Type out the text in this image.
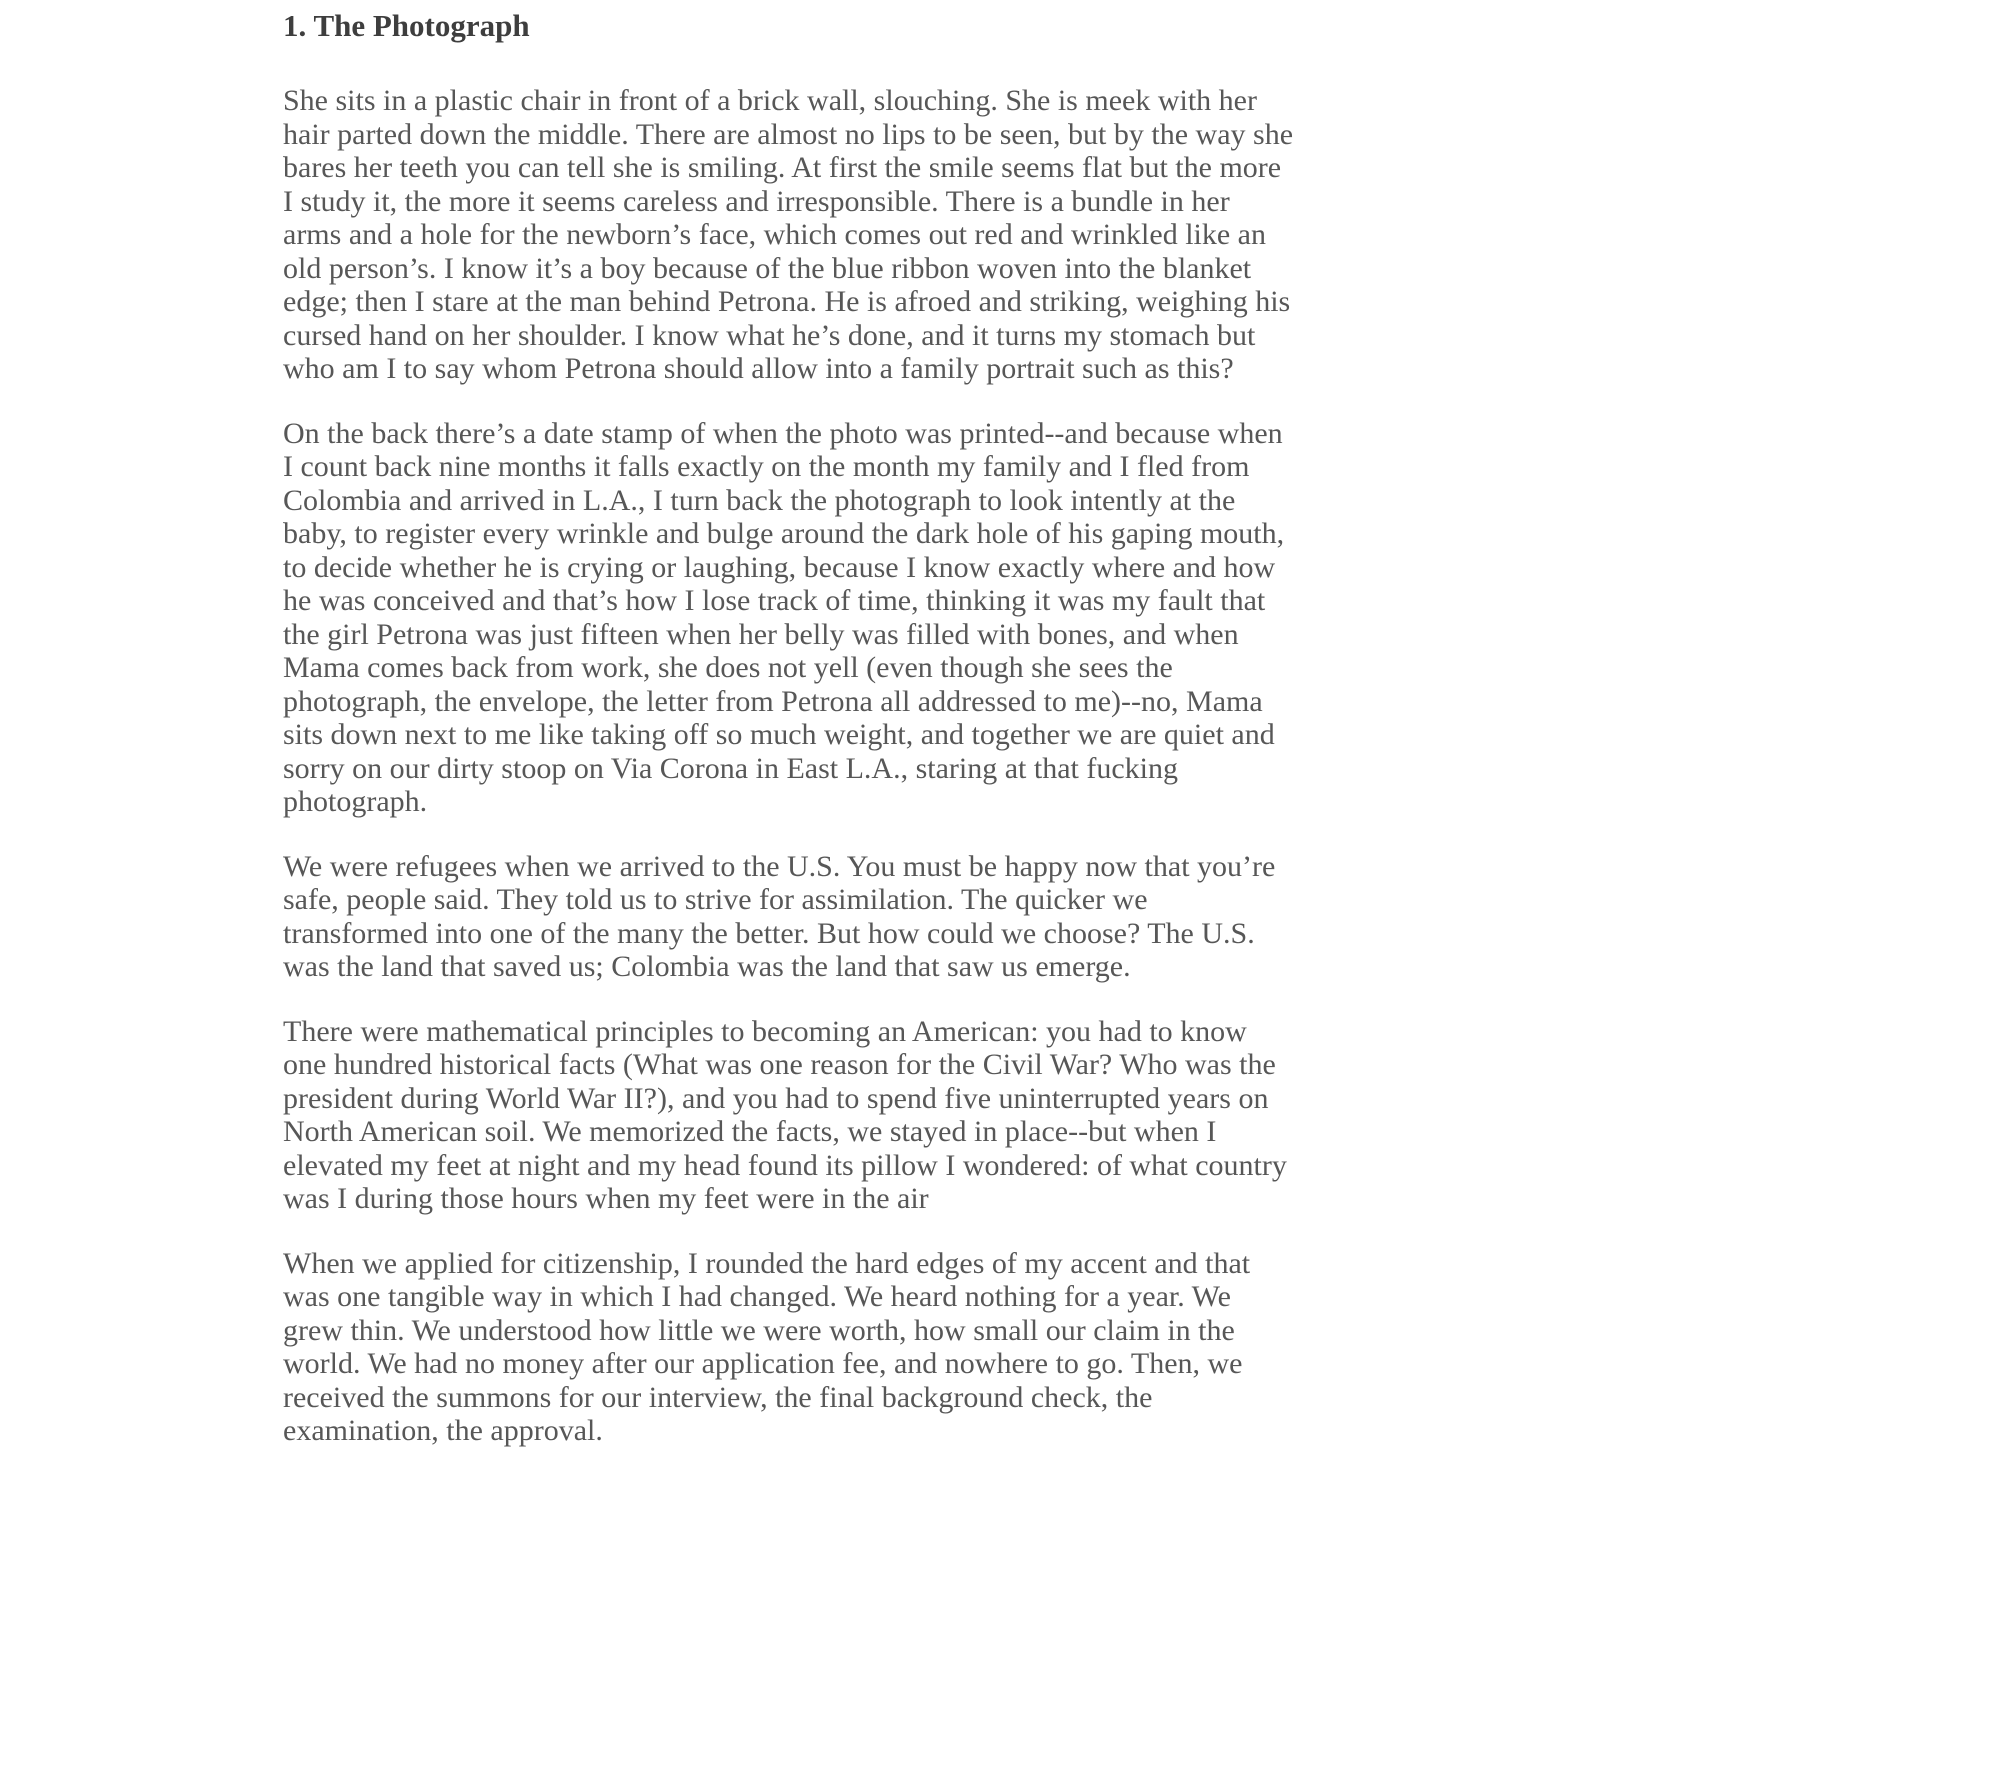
1. The Photograph

She sits in a plastic chair in front of a brick wall, slouching. She is meek with her hair parted down the middle. There are almost no lips to be seen, but by the way she bares her teeth you can tell she is smiling. At first the smile seems flat but the more I study it, the more it seems careless and irresponsible. There is a bundle in her arms and a hole for the newborn’s face, which comes out red and wrinkled like an old person’s. I know it’s a boy because of the blue ribbon woven into the blanket edge; then I stare at the man behind Petrona. He is afroed and striking, weighing his cursed hand on her shoulder. I know what he’s done, and it turns my stomach but who am I to say whom Petrona should allow into a family portrait such as this?

On the back there’s a date stamp of when the photo was printed--and because when I count back nine months it falls exactly on the month my family and I fled from Colombia and arrived in L.A., I turn back the photograph to look intently at the baby, to register every wrinkle and bulge around the dark hole of his gaping mouth, to decide whether he is crying or laughing, because I know exactly where and how he was conceived and that’s how I lose track of time, thinking it was my fault that the girl Petrona was just fifteen when her belly was filled with bones, and when Mama comes back from work, she does not yell (even though she sees the photograph, the envelope, the letter from Petrona all addressed to me)--no, Mama sits down next to me like taking off so much weight, and together we are quiet and sorry on our dirty stoop on Via Corona in East L.A., staring at that fucking photograph.

We were refugees when we arrived to the U.S. You must be happy now that you’re safe, people said. They told us to strive for assimilation. The quicker we transformed into one of the many the better. But how could we choose? The U.S. was the land that saved us; Colombia was the land that saw us emerge.

There were mathematical principles to becoming an American: you had to know one hundred historical facts (What was one reason for the Civil War? Who was the president during World War II?), and you had to spend five uninterrupted years on North American soil. We memorized the facts, we stayed in place--but when I elevated my feet at night and my head found its pillow I wondered: of what country was I during those hours when my feet were in the air

When we applied for citizenship, I rounded the hard edges of my accent and that was one tangible way in which I had changed. We heard nothing for a year. We grew thin. We understood how little we were worth, how small our claim in the world. We had no money after our application fee, and nowhere to go. Then, we received the summons for our interview, the final background check, the examination, the approval.
